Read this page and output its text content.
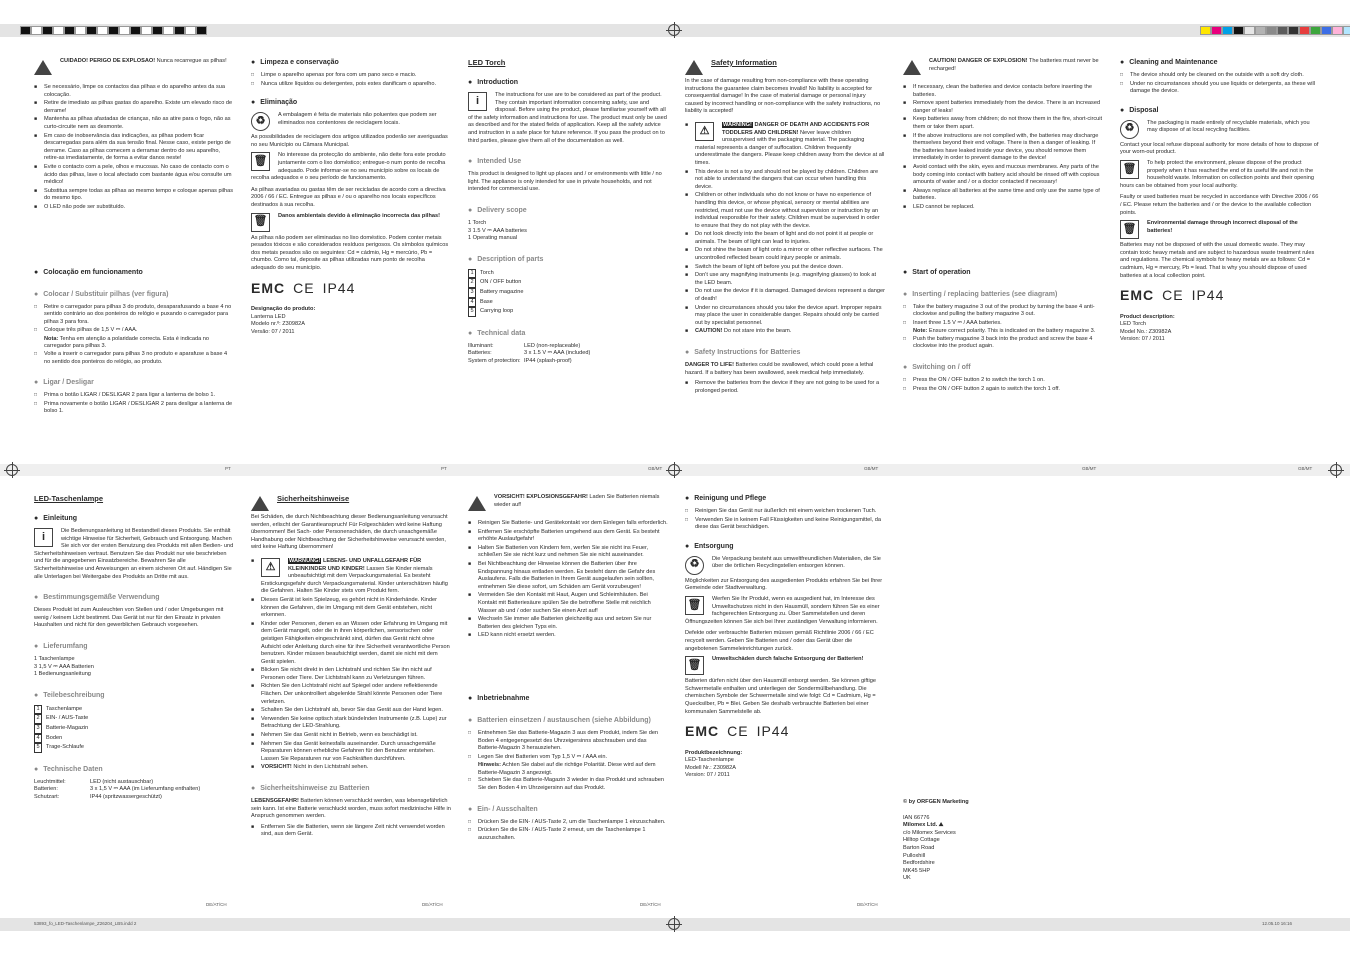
PT	PT	GB/MT	GB/MT	GB/MT	GB/MT
DE/AT/CH	DE/AT/CH	DE/AT/CH	DE/AT/CH
53893_fo_LED-Taschenlampe_Z26204_LB5.indd 2	12.05.10 16:16
CUIDADO! PERIGO DE EXPLOSÃO! Nunca recarregue as pilhas!
■ Se necessário, limpe os contactos das pilhas e do aparelho antes da sua colocação.
■ Retire de imediato as pilhas gastas do aparelho. Existe um elevado risco de derrame!
■ Mantenha as pilhas afastadas de crianças, não as atire para o fogo, não as curto-circuite nem as desmonte.
■ Em caso de inobservância das indicações, as pilhas podem ficar descarregadas para além da sua tensão final. Nesse caso, existe perigo de derrame. Caso as pilhas comecem a derramar dentro do seu aparelho, retire-as imediatamente, de forma a evitar danos neste!
■ Evite o contacto com a pele, olhos e mucosas. No caso de contacto com o ácido das pilhas, lave o local afectado com bastante água e/ou consulte um médico!
■ Substitua sempre todas as pilhas ao mesmo tempo e coloque apenas pilhas do mesmo tipo.
■ O LED não pode ser substituído.
● Colocação em funcionamento
● Colocar / Substituir pilhas (ver figura)
□ Retire o carregador para pilhas 3 do produto, desaparafusando a base 4 no sentido contrário ao dos ponteiros do relógio e puxando o carregador para pilhas 3 para fora.
□ Coloque três pilhas de 1,5 V ⎓ / AAA.
Nota: Tenha em atenção a polaridade correcta. Esta é indicada no carregador para pilhas 3.
□ Volte a inserir o carregador para pilhas 3 no produto e aparafuse a base 4 no sentido dos ponteiros do relógio, ao produto.
● Ligar / Desligar
□ Prima o botão LIGAR / DESLIGAR 2 para ligar a lanterna de bolso 1.
□ Prima novamente o botão LIGAR / DESLIGAR 2 para desligar a lanterna de bolso 1.
● Limpeza e conservação
□ Limpe o aparelho apenas por fora com um pano seco e macio.
□ Nunca utilize líquidos ou detergentes, pois estes danificam o aparelho.
● Eliminação
♻	A embalagem é feita de materiais não poluentes que podem ser eliminados nos contentores de reciclagem locais.
As possibilidades de reciclagem dos artigos utilizados poderão ser averiguadas no seu Município ou Câmara Municipal.
🗑	No interesse da protecção do ambiente, não deite fora este produto juntamente com o lixo doméstico; entregue-o num ponto de recolha adequado. Pode informar-se no seu município sobre os locais de recolha adequados e o seu período de funcionamento.
As pilhas avariadas ou gastas têm de ser recicladas de acordo com a directiva 2006 / 66 / EC. Entregue as pilhas e / ou o aparelho nos locais específicos destinados à sua recolha.
🗑	Danos ambientais devido à eliminação incorrecta das pilhas!
As pilhas não podem ser eliminadas no lixo doméstico. Podem conter metais pesados tóxicos e são considerados resíduos perigosos. Os símbolos químicos dos metais pesados são os seguintes: Cd = cádmio, Hg = mercúrio, Pb = chumbo. Como tal, deposite as pilhas utilizadas num ponto de recolha adequado do seu município.
EMC CE IP44
Designação do produto:
Lanterna LED
Modelo nr.º: Z30982A
Versão: 07 / 2011
LED Torch
● Introduction
i	The instructions for use are to be considered as part of the product. They contain important information concerning safety, use and disposal. Before using the product, please familiarise yourself with all of the safety information and instructions for use. The product must only be used as described and for the stated fields of application. Keep all the safety advice and instruction in a safe place for future reference. If you pass the product on to third parties, please give them all of the documentation as well.
● Intended Use
This product is designed to light up places and / or environments with little / no light. The appliance is only intended for use in private households, and not intended for commercial use.
● Delivery scope
1 Torch
3 1.5 V ⎓ AAA batteries
1 Operating manual
● Description of parts
1 Torch
2 ON / OFF button
3 Battery magazine
4 Base
5 Carrying loop
● Technical data
Illuminant:	LED (non-replaceable)
Batteries:	3 x 1.5 V ⎓ AAA (included)
System of protection: IP44 (splash-proof)
Safety Information
In the case of damage resulting from non-compliance with these operating instructions the guarantee claim becomes invalid! No liability is accepted for consequential damage! In the case of material damage or personal injury caused by incorrect handling or non-compliance with the safety instructions, no liability is accepted!
■ ⚠	WARNING! DANGER OF DEATH AND ACCIDENTS FOR TODDLERS AND CHILDREN! Never leave children unsupervised with the packaging material. The packaging material represents a danger of suffocation. Children frequently underestimate the dangers. Please keep children away from the device at all times.
■ This device is not a toy and should not be played by children. Children are not able to understand the dangers that can occur when handling this device.
■ Children or other individuals who do not know or have no experience of handling this device, or whose physical, sensory or mental abilities are restricted, must not use the device without supervision or instruction by an individual responsible for their safety. Children must be supervised in order to ensure that they do not play with the device.
■ Do not look directly into the beam of light and do not point it at people or animals. The beam of light can lead to injuries.
■ Do not shine the beam of light onto a mirror or other reflective surfaces. The uncontrolled reflected beam could injury people or animals.
■ Switch the beam of light off before you put the device down.
■ Don't use any magnifying instruments (e.g. magnifying glasses) to look at the LED beam.
■ Do not use the device if it is damaged. Damaged devices represent a danger of death!
■ Under no circumstances should you take the device apart. Improper repairs may place the user in considerable danger. Repairs should only be carried out by specialist personnel.
■ CAUTION! Do not stare into the beam.
● Safety Instructions for Batteries
DANGER TO LIFE! Batteries could be swallowed, which could pose a lethal hazard. If a battery has been swallowed, seek medical help immediately.
■ Remove the batteries from the device if they are not going to be used for a prolonged period.
CAUTION! DANGER OF EXPLOSION! The batteries must never be recharged!
■ If necessary, clean the batteries and device contacts before inserting the batteries.
■ Remove spent batteries immediately from the device. There is an increased danger of leaks!
■ Keep batteries away from children; do not throw them in the fire, short-circuit them or take them apart.
■ If the above instructions are not complied with, the batteries may discharge themselves beyond their end voltage. There is then a danger of leaking. If the batteries have leaked inside your device, you should remove them immediately in order to prevent damage to the device!
■ Avoid contact with the skin, eyes and mucous membranes. Any parts of the body coming into contact with battery acid should be rinsed off with copious amounts of water and / or a doctor contacted if necessary!
■ Always replace all batteries at the same time and only use the same type of batteries.
■ LED cannot be replaced.
● Start of operation
● Inserting / replacing batteries (see diagram)
□ Take the battery magazine 3 out of the product by turning the base 4 anti-clockwise and pulling the battery magazine 3 out.
□ Insert three 1.5 V ⎓ / AAA batteries.
Note: Ensure correct polarity. This is indicated on the battery magazine 3.
□ Push the battery magazine 3 back into the product and screw the base 4 clockwise into the product again.
● Switching on / off
□ Press the ON / OFF button 2 to switch the torch 1 on.
□ Press the ON / OFF button 2 again to switch the torch 1 off.
● Cleaning and Maintenance
□ The device should only be cleaned on the outside with a soft dry cloth.
□ Under no circumstances should you use liquids or detergents, as these will damage the device.
● Disposal
♻	The packaging is made entirely of recyclable materials, which you may dispose of at local recycling facilities.
Contact your local refuse disposal authority for more details of how to dispose of your worn-out product.
🗑	To help protect the environment, please dispose of the product properly when it has reached the end of its useful life and not in the household waste. Information on collection points and their opening hours can be obtained from your local authority.
Faulty or used batteries must be recycled in accordance with Directive 2006 / 66 / EC. Please return the batteries and / or the device to the available collection points.
🗑	Environmental damage through incorrect disposal of the batteries!
Batteries may not be disposed of with the usual domestic waste. They may contain toxic heavy metals and are subject to hazardous waste treatment rules and regulations. The chemical symbols for heavy metals are as follows: Cd = cadmium, Hg = mercury, Pb = lead. That is why you should dispose of used batteries at a local collection point.
EMC CE IP44
Product description:
LED Torch
Model No.: Z30982A
Version: 07 / 2011
LED-Taschenlampe
● Einleitung
i	Die Bedienungsanleitung ist Bestandteil dieses Produkts. Sie enthält wichtige Hinweise für Sicherheit, Gebrauch und Entsorgung. Machen Sie sich vor der ersten Benutzung des Produkts mit allen Bedien- und Sicherheitshinweisen vertraut. Benutzen Sie das Produkt nur wie beschrieben und für die angegebenen Einsatzbereiche. Bewahren Sie alle Sicherheitshinweise und Anweisungen an einem sicheren Ort auf. Händigen Sie alle Unterlagen bei Weitergabe des Produkts an Dritte mit aus.
● Bestimmungsgemäße Verwendung
Dieses Produkt ist zum Ausleuchten von Stellen und / oder Umgebungen mit wenig / keinem Licht bestimmt. Das Gerät ist nur für den Einsatz in privaten Haushalten und nicht für den gewerblichen Gebrauch vorgesehen.
● Lieferumfang
1 Taschenlampe
3 1,5 V ⎓ AAA Batterien
1 Bedienungsanleitung
● Teilebeschreibung
1 Taschenlampe
2 EIN- / AUS-Taste
3 Batterie-Magazin
4 Boden
5 Trage-Schlaufe
● Technische Daten
Leuchtmittel:	LED (nicht austauschbar)
Batterien:	3 x 1,5 V ⎓ AAA (im Lieferumfang enthalten)
Schutzart:	IP44 (spritzwassergeschützt)
Sicherheitshinweise
Bei Schäden, die durch Nichtbeachtung dieser Bedienungsanleitung verursacht werden, erlischt der Garantieanspruch! Für Folgeschäden wird keine Haftung übernommen! Bei Sach- oder Personenschäden, die durch unsachgemäße Handhabung oder Nichtbeachtung der Sicherheitshinweise verursacht werden, wird keine Haftung übernommen!
■ ⚠	WARNUNG! LEBENS- UND UNFALLGEFAHR FÜR KLEINKINDER UND KINDER! Lassen Sie Kinder niemals unbeaufsichtigt mit dem Verpackungsmaterial. Es besteht Erstickungsgefahr durch Verpackungsmaterial. Kinder unterschätzen häufig die Gefahren. Halten Sie Kinder stets vom Produkt fern.
■ Dieses Gerät ist kein Spielzeug, es gehört nicht in Kinderhände. Kinder können die Gefahren, die im Umgang mit dem Gerät entstehen, nicht erkennen.
■ Kinder oder Personen, denen es an Wissen oder Erfahrung im Umgang mit dem Gerät mangelt, oder die in ihren körperlichen, sensorischen oder geistigen Fähigkeiten eingeschränkt sind, dürfen das Gerät nicht ohne Aufsicht oder Anleitung durch eine für ihre Sicherheit verantwortliche Person benutzen. Kinder müssen beaufsichtigt werden, damit sie nicht mit dem Gerät spielen.
■ Blicken Sie nicht direkt in den Lichtstrahl und richten Sie ihn nicht auf Personen oder Tiere. Der Lichtstrahl kann zu Verletzungen führen.
■ Richten Sie den Lichtstrahl nicht auf Spiegel oder andere reflektierende Flächen. Der unkontrolliert abgelenkte Strahl könnte Personen oder Tiere verletzen.
■ Schalten Sie den Lichtstrahl ab, bevor Sie das Gerät aus der Hand legen.
■ Verwenden Sie keine optisch stark bündelnden Instrumente (z.B. Lupe) zur Betrachtung der LED-Strahlung.
■ Nehmen Sie das Gerät nicht in Betrieb, wenn es beschädigt ist.
■ Nehmen Sie das Gerät keinesfalls auseinander. Durch unsachgemäße Reparaturen können erhebliche Gefahren für den Benutzer entstehen. Lassen Sie Reparaturen nur von Fachkräften durchführen.
■ VORSICHT! Nicht in den Lichtstrahl sehen.
● Sicherheitshinweise zu Batterien
LEBENSGEFAHR! Batterien können verschluckt werden, was lebensgefährlich sein kann. Ist eine Batterie verschluckt worden, muss sofort medizinische Hilfe in Anspruch genommen werden.
■ Entfernen Sie die Batterien, wenn sie längere Zeit nicht verwendet worden sind, aus dem Gerät.
VORSICHT! EXPLOSIONSGEFAHR! Laden Sie Batterien niemals wieder auf!
■ Reinigen Sie Batterie- und Gerätekontakt vor dem Einlegen falls erforderlich.
■ Entfernen Sie erschöpfte Batterien umgehend aus dem Gerät. Es besteht erhöhte Auslaufgefahr!
■ Halten Sie Batterien von Kindern fern, werfen Sie sie nicht ins Feuer, schließen Sie sie nicht kurz und nehmen Sie sie nicht auseinander.
■ Bei Nichtbeachtung der Hinweise können die Batterien über ihre Endspannung hinaus entladen werden. Es besteht dann die Gefahr des Auslaufens. Falls die Batterien in Ihrem Gerät ausgelaufen sein sollten, entnehmen Sie diese sofort, um Schäden am Gerät vorzubeugen!
■ Vermeiden Sie den Kontakt mit Haut, Augen und Schleimhäuten. Bei Kontakt mit Batteriesäure spülen Sie die betroffene Stelle mit reichlich Wasser ab und / oder suchen Sie einen Arzt auf!
■ Wechseln Sie immer alle Batterien gleichzeitig aus und setzen Sie nur Batterien des gleichen Typs ein.
■ LED kann nicht ersetzt werden.
● Inbetriebnahme
● Batterien einsetzen / austauschen (siehe Abbildung)
□ Entnehmen Sie das Batterie-Magazin 3 aus dem Produkt, indem Sie den Boden 4 entgegengesetzt des Uhrzeigersinns abschrauben und das Batterie-Magazin 3 herausziehen.
□ Legen Sie drei Batterien vom Typ 1,5 V ⎓ / AAA ein.
Hinweis: Achten Sie dabei auf die richtige Polarität. Diese wird auf dem Batterie-Magazin 3 angezeigt.
□ Schieben Sie das Batterie-Magazin 3 wieder in das Produkt und schrauben Sie den Boden 4 im Uhrzeigersinn auf das Produkt.
● Ein- / Ausschalten
□ Drücken Sie die EIN- / AUS-Taste 2, um die Taschenlampe 1 einzuschalten.
□ Drücken Sie die EIN- / AUS-Taste 2 erneut, um die Taschenlampe 1 auszuschalten.
● Reinigung und Pflege
□ Reinigen Sie das Gerät nur äußerlich mit einem weichen trockenen Tuch.
□ Verwenden Sie in keinem Fall Flüssigkeiten und keine Reinigungsmittel, da diese das Gerät beschädigen.
● Entsorgung
♻	Die Verpackung besteht aus umweltfreundlichen Materialien, die Sie über die örtlichen Recyclingstellen entsorgen können.
Möglichkeiten zur Entsorgung des ausgedienten Produkts erfahren Sie bei Ihrer Gemeinde oder Stadtverwaltung.
🗑	Werfen Sie Ihr Produkt, wenn es ausgedient hat, im Interesse des Umweltschutzes nicht in den Hausmüll, sondern führen Sie es einer fachgerechten Entsorgung zu. Über Sammelstellen und deren Öffnungszeiten können Sie sich bei Ihrer zuständigen Verwaltung informieren.
Defekte oder verbrauchte Batterien müssen gemäß Richtlinie 2006 / 66 / EC recycelt werden. Geben Sie Batterien und / oder das Gerät über die angebotenen Sammeleinrichtungen zurück.
🗑	Umweltschäden durch falsche Entsorgung der Batterien!
Batterien dürfen nicht über den Hausmüll entsorgt werden. Sie können giftige Schwermetalle enthalten und unterliegen der Sondermüllbehandlung. Die chemischen Symbole der Schwermetalle sind wie folgt: Cd = Cadmium, Hg = Quecksilber, Pb = Blei. Geben Sie deshalb verbrauchte Batterien bei einer kommunalen Sammelstelle ab.
EMC CE IP44
Produktbezeichnung:
LED-Taschenlampe
Modell Nr.: Z30982A
Version: 07 / 2011
© by ORFGEN Marketing
IAN 66776
Milomex Ltd. ⛰
c/o Milomex Services
Hilltop Cottage
Barton Road
Pulloxhill
Bedfordshire
MK45 5HP
UK
